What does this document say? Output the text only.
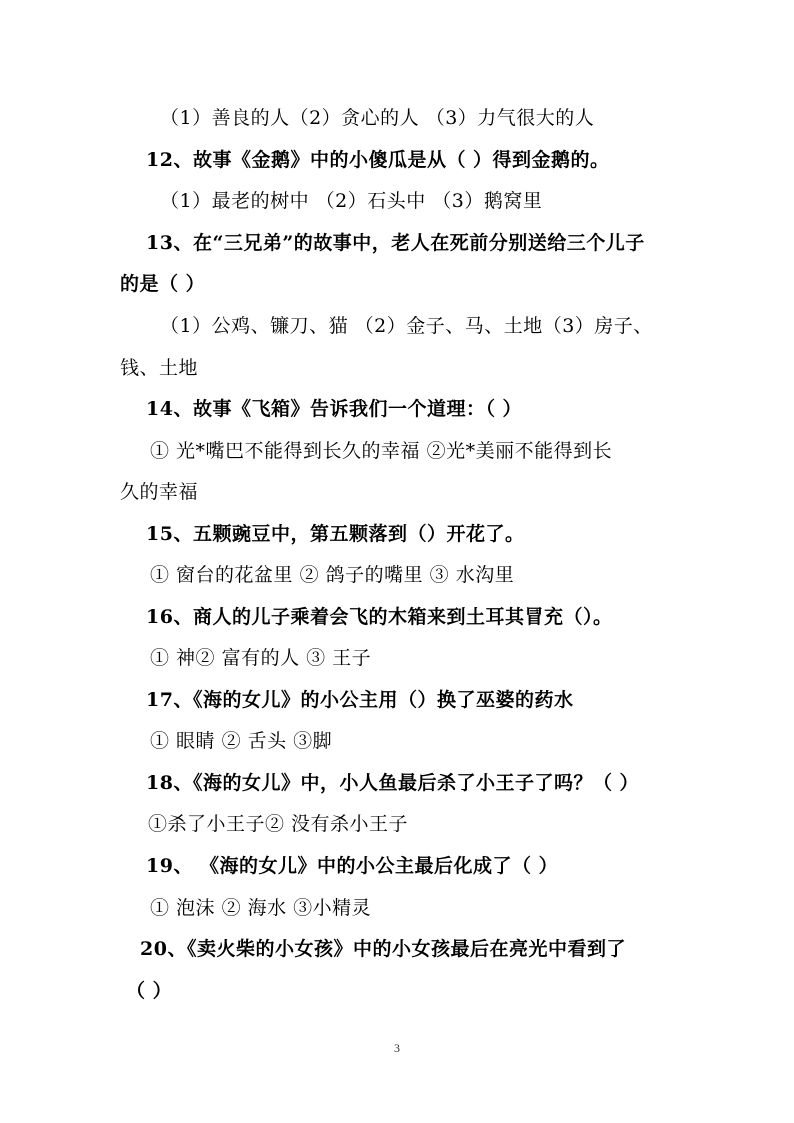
（1）善良的人（2）贪心的人 （3）力气很大的人
12、故事《金鹅》中的小傻瓜是从（ ）得到金鹅的。
（1）最老的树中 （2）石头中 （3）鹅窝里
13、在“三兄弟”的故事中，老人在死前分别送给三个儿子
的是（ ）
（1）公鸡、镰刀、猫 （2）金子、马、土地（3）房子、
钱、土地
14、故事《飞箱》告诉我们一个道理：（ ）
① 光*嘴巴不能得到长久的幸福 ②光*美丽不能得到长
久的幸福
15、五颗豌豆中，第五颗落到（）开花了。
① 窗台的花盆里 ② 鸽子的嘴里 ③ 水沟里
16、商人的儿子乘着会飞的木箱来到土耳其冒充（）。
① 神② 富有的人 ③ 王子
17、《海的女儿》的小公主用（）换了巫婆的药水
① 眼睛 ② 舌头 ③脚
18、《海的女儿》中，小人鱼最后杀了小王子了吗？（ ）
①杀了小王子② 没有杀小王子
19、 《海的女儿》中的小公主最后化成了（ ）
① 泡沫 ② 海水 ③小精灵
20、《卖火柴的小女孩》中的小女孩最后在亮光中看到了
（ ）
3
